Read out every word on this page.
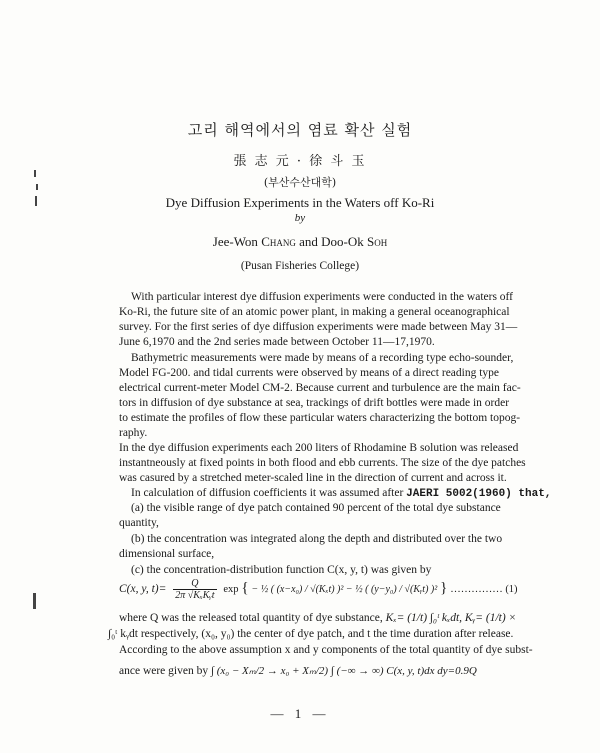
고리 해역에서의 염료 확산 실험
張 志 元 · 徐 斗 玉
(부산수산대학)
Dye Diffusion Experiments in the Waters off Ko-Ri
by
Jee-Won Chang and Doo-Ok Soh
(Pusan Fisheries College)
With particular interest dye diffusion experiments were conducted in the waters off
Ko-Ri, the future site of an atomic power plant, in making a general oceanographical
survey. For the first series of dye diffusion experiments were made between May 31—
June 6,1970 and the 2nd series made between October 11—17,1970.
Bathymetric measurements were made by means of a recording type echo-sounder,
Model FG-200. and tidal currents were observed by means of a direct reading type
electrical current-meter Model CM-2. Because current and turbulence are the main fac-
tors in diffusion of dye substance at sea, trackings of drift bottles were made in order
to estimate the profiles of flow these particular waters characterizing the bottom topog-
raphy.
In the dye diffusion experiments each 200 liters of Rhodamine B solution was released
instantneously at fixed points in both flood and ebb currents. The size of the dye patches
was casured by a stretched meter-scaled line in the direction of current and across it.
In calculation of diffusion coefficients it was assumed after JAERI 5002(1960) that,
(a) the visible range of dye patch contained 90 percent of the total dye substance
quantity,
(b) the concentration was integrated along the depth and distributed over the two
dimensional surface,
(c) the concentration-distribution function C(x, y, t) was given by
C(x, y, t)=	Q
2π √KₓKᵧt
exp { − ½ ( (x−x₀) / √(Kₓt) )² − ½ ( (y−y₀) / √(Kᵧt) )² } …………… (1)
where Q was the released total quantity of dye substance, Kₓ= (1/t) ∫₀ᵗ kₓdt, Kᵧ= (1/t) ×
∫₀ᵗ kᵧdt respectively, (x₀, y₀) the center of dye patch, and t the time duration after release.
According to the above assumption x and y components of the total quantity of dye subst-
ance were given by ∫ (x₀ − Xₘ/2 → x₀ + Xₘ/2) ∫ (−∞ → ∞) C(x, y, t)dx dy=0.9Q
— 1 —
